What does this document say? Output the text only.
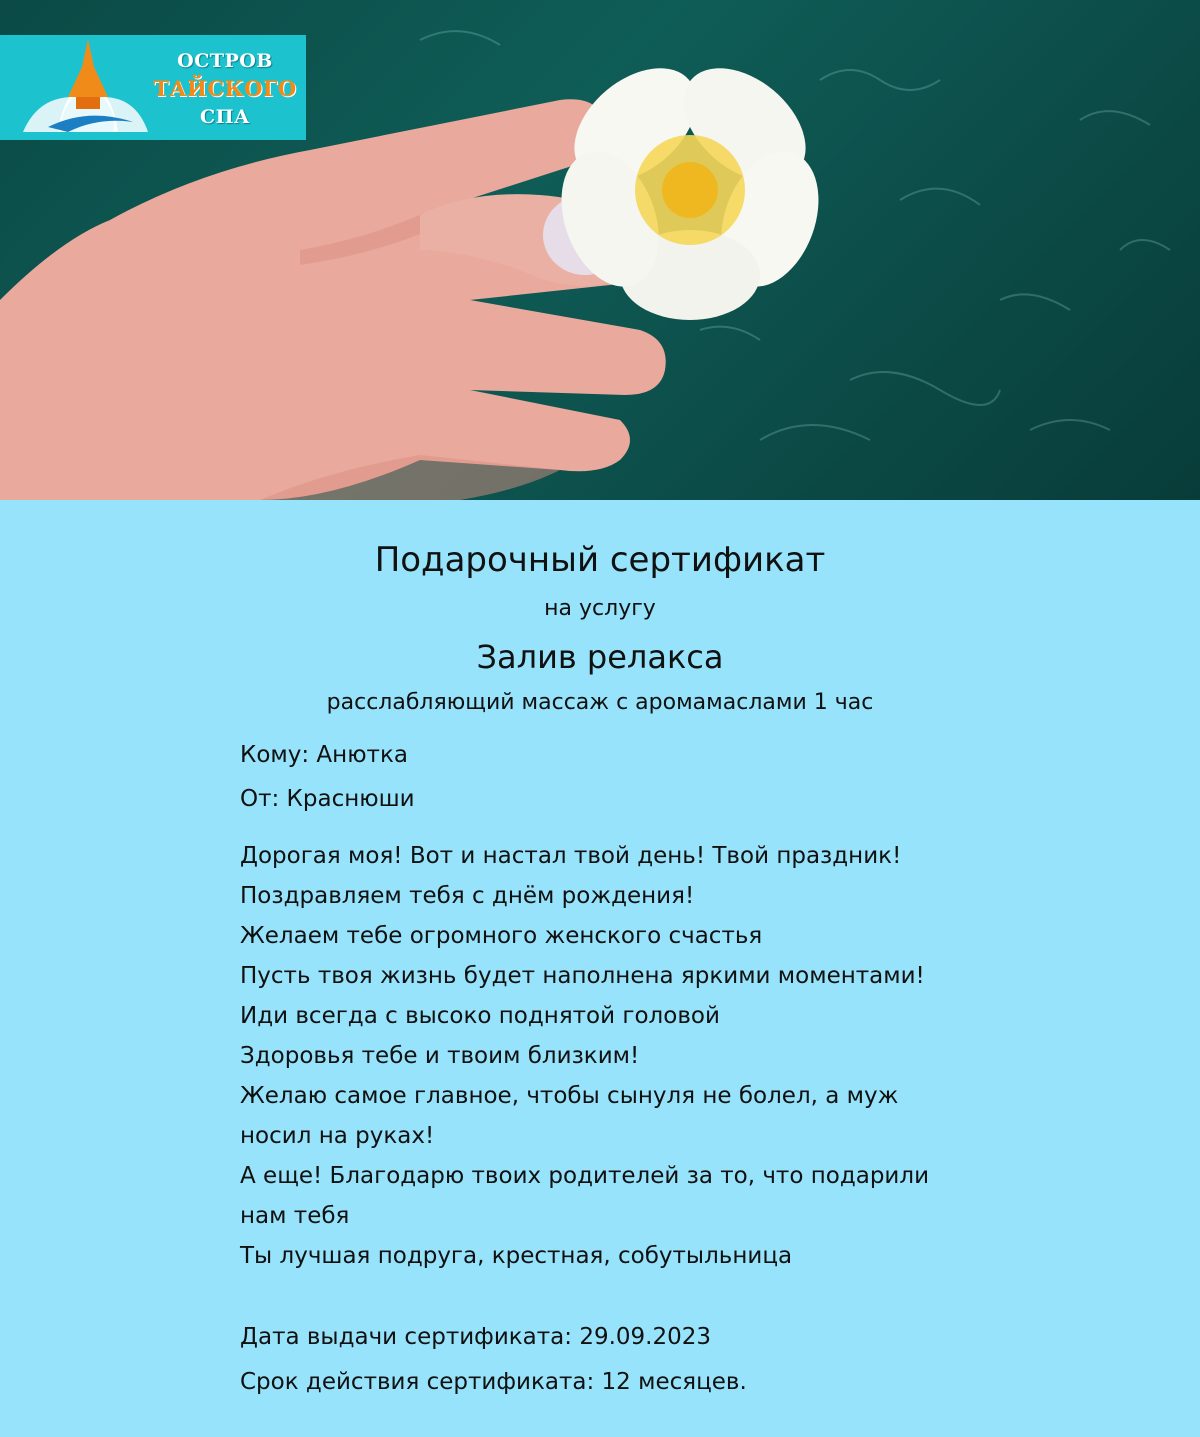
ОСТРОВ
ТАЙСКОГО
СПА
Подарочный сертификат
на услугу
Залив релакса
расслабляющий массаж с аромамаслами 1 час
Кому: Анютка
От: Краснюши
Дорогая моя! Вот и настал твой день! Твой праздник!
Поздравляем тебя с днём рождения!
Желаем тебе огромного женского счастья
Пусть твоя жизнь будет наполнена яркими моментами!
Иди всегда с высоко поднятой головой
Здоровья тебе и твоим близким!
Желаю самое главное, чтобы сынуля не болел, а муж
носил на руках!
А еще! Благодарю твоих родителей за то, что подарили
нам тебя
Ты лучшая подруга, крестная, собутыльница
Дата выдачи сертификата: 29.09.2023
Срок действия сертификата: 12 месяцев.
